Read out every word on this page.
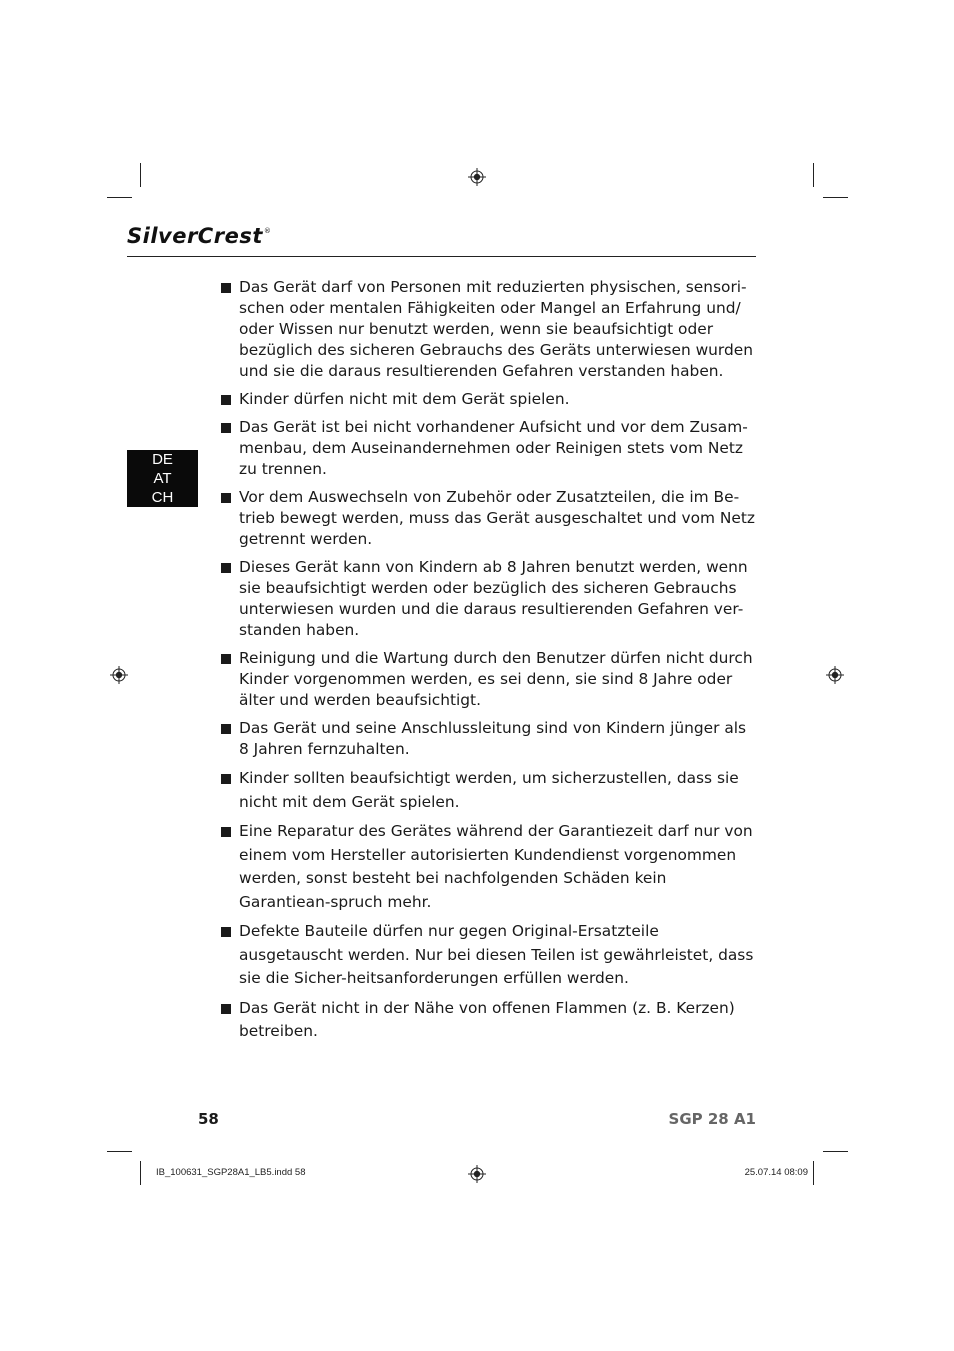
SilverCrest®
DE
AT
CH
Das Gerät darf von Personen mit reduzierten physischen, sensori-schen oder mentalen Fähigkeiten oder Mangel an Erfahrung und/ oder Wissen nur benutzt werden, wenn sie beaufsichtigt oder bezüglich des sicheren Gebrauchs des Geräts unterwiesen wurden und sie die daraus resultierenden Gefahren verstanden haben.
Kinder dürfen nicht mit dem Gerät spielen.
Das Gerät ist bei nicht vorhandener Aufsicht und vor dem Zusam-menbau, dem Auseinandernehmen oder Reinigen stets vom Netz zu trennen.
Vor dem Auswechseln von Zubehör oder Zusatzteilen, die im Be-trieb bewegt werden, muss das Gerät ausgeschaltet und vom Netz getrennt werden.
Dieses Gerät kann von Kindern ab 8 Jahren benutzt werden, wenn sie beaufsichtigt werden oder bezüglich des sicheren Gebrauchs unterwiesen wurden und die daraus resultierenden Gefahren ver-standen haben.
Reinigung und die Wartung durch den Benutzer dürfen nicht durch Kinder vorgenommen werden, es sei denn, sie sind 8 Jahre oder älter und werden beaufsichtigt.
Das Gerät und seine Anschlussleitung sind von Kindern jünger als 8 Jahren fernzuhalten.
Kinder sollten beaufsichtigt werden, um sicherzustellen, dass sie nicht mit dem Gerät spielen.
Eine Reparatur des Gerätes während der Garantiezeit darf nur von einem vom Hersteller autorisierten Kundendienst vorgenommen werden, sonst besteht bei nachfolgenden Schäden kein Garantiean-spruch mehr.
Defekte Bauteile dürfen nur gegen Original-Ersatzteile ausgetauscht werden. Nur bei diesen Teilen ist gewährleistet, dass sie die Sicher-heitsanforderungen erfüllen werden.
Das Gerät nicht in der Nähe von offenen Flammen (z. B. Kerzen) betreiben.
58	SGP 28 A1
IB_100631_SGP28A1_LB5.indd 58	25.07.14 08:09
